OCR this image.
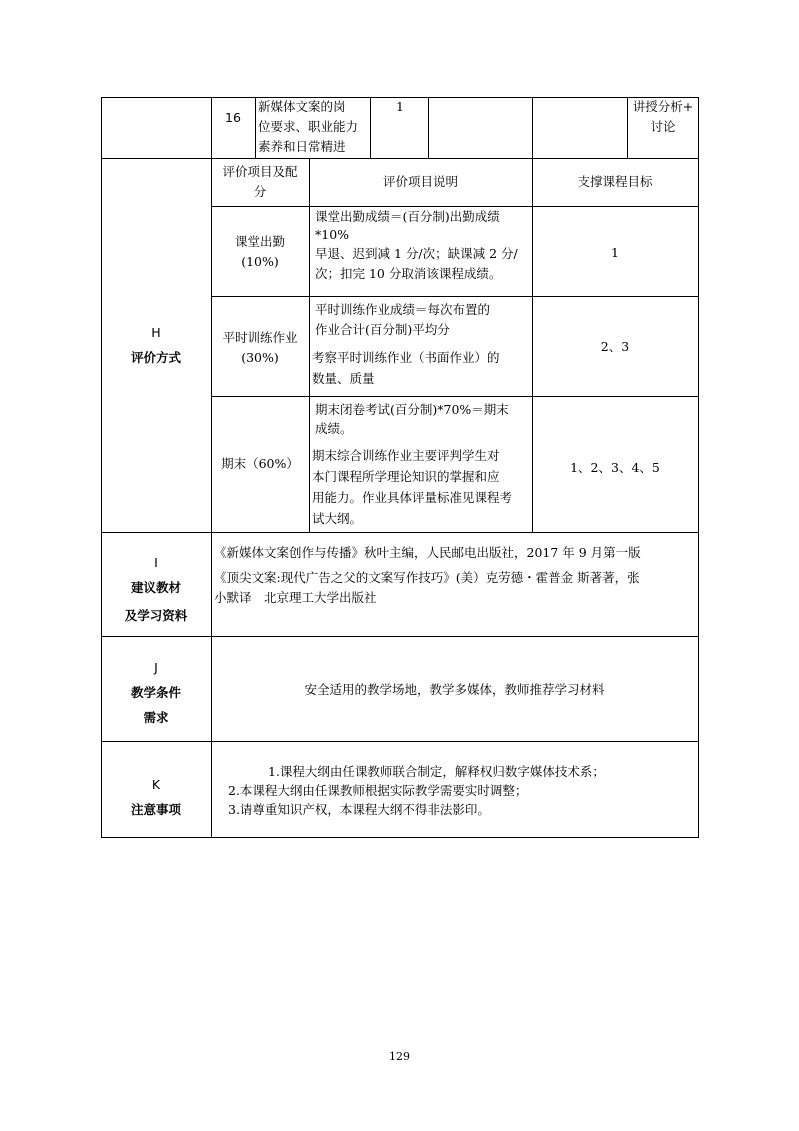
16
新媒体文案的岗
位要求、职业能力
素养和日常精进
1	讲授分析+
讨论
H
评价方式
评价项目及配
分
评价项目说明	支撑课程目标
课堂出勤
(10%)
课堂出勤成绩＝(百分制)出勤成绩
*10%
早退、迟到减 1 分/次；缺课减 2 分/
次；扣完 10 分取消该课程成绩。
1
平时训练作业
(30%)
平时训练作业成绩＝每次布置的
作业合计(百分制)平均分
考察平时训练作业（书面作业）的
数量、质量
2、3
期末（60%）
期末闭卷考试(百分制)*70%＝期末
成绩。
期末综合训练作业主要评判学生对
本门课程所学理论知识的掌握和应
用能力。作业具体评量标准见课程考
试大纲。
1、2、3、4、5
I
建议教材
及学习资料
《新媒体文案创作与传播》秋叶主编，人民邮电出版社，2017 年 9 月第一版
《顶尖文案:现代广告之父的文案写作技巧》(美）克劳德・霍普金 斯著著，张
小默译　北京理工大学出版社
J
教学条件
需求
安全适用的教学场地，教学多媒体，教师推荐学习材料
K
注意事项
1.课程大纲由任课教师联合制定，解释权归数字媒体技术系；
2.本课程大纲由任课教师根据实际教学需要实时调整；
3.请尊重知识产权，本课程大纲不得非法影印。
129
